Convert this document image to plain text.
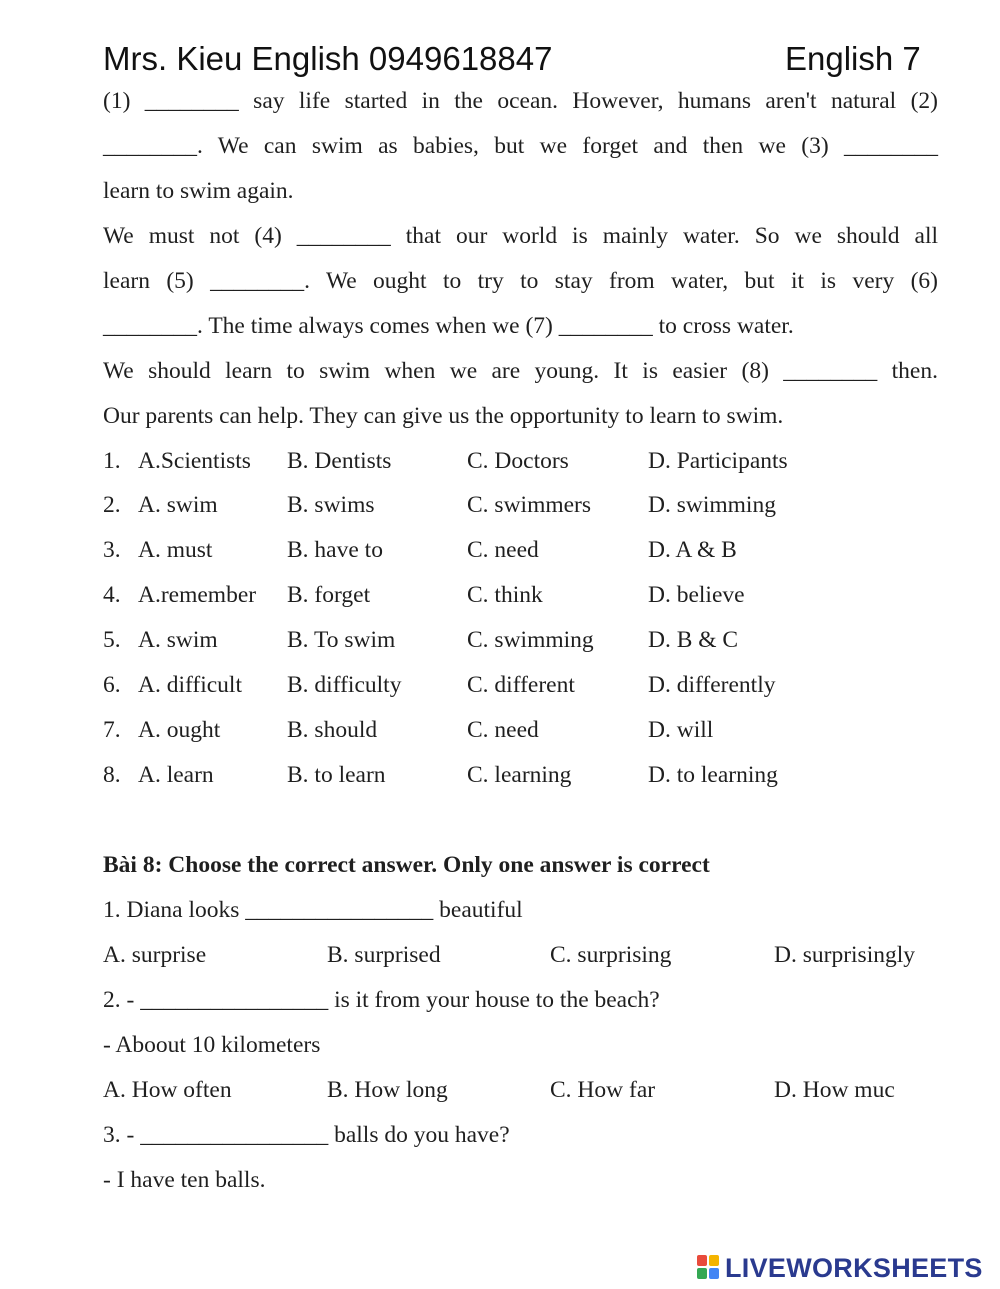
Mrs. Kieu English 0949618847	English 7
(1) ________ say life started in the ocean. However, humans aren't natural (2)
________. We can swim as babies, but we forget and then we (3) ________
learn to swim again.
We must not (4) ________ that our world is mainly water. So we should all
learn (5) ________. We ought to try to stay from water, but it is very (6)
________. The time always comes when we (7) ________ to cross water.
We should learn to swim when we are young. It is easier (8) ________ then.
Our parents can help. They can give us the opportunity to learn to swim.
1. A.Scientists B. Dentists	C. Doctors	D. Participants
2. A. swim	B. swims	C. swimmers D. swimming
3. A. must	B. have to	C. need	D. A & B
4. A.remember B. forget	C. think	D. believe
5. A. swim	B. To swim	C. swimming D. B & C
6. A. difficult B. difficulty	C. different	D. differently
7. A. ought	B. should	C. need	D. will
8. A. learn	B. to learn	C. learning	D. to learning
Bài 8: Choose the correct answer. Only one answer is correct
1. Diana looks ________________ beautiful
A. surprise	B. surprised	C. surprising	D. surprisingly
2. - ________________ is it from your house to the beach?
- Aboout 10 kilometers
A. How often	B. How long	C. How far	D. How muc
3. - ________________ balls do you have?
- I have ten balls.
LIVEWORKSHEETS
